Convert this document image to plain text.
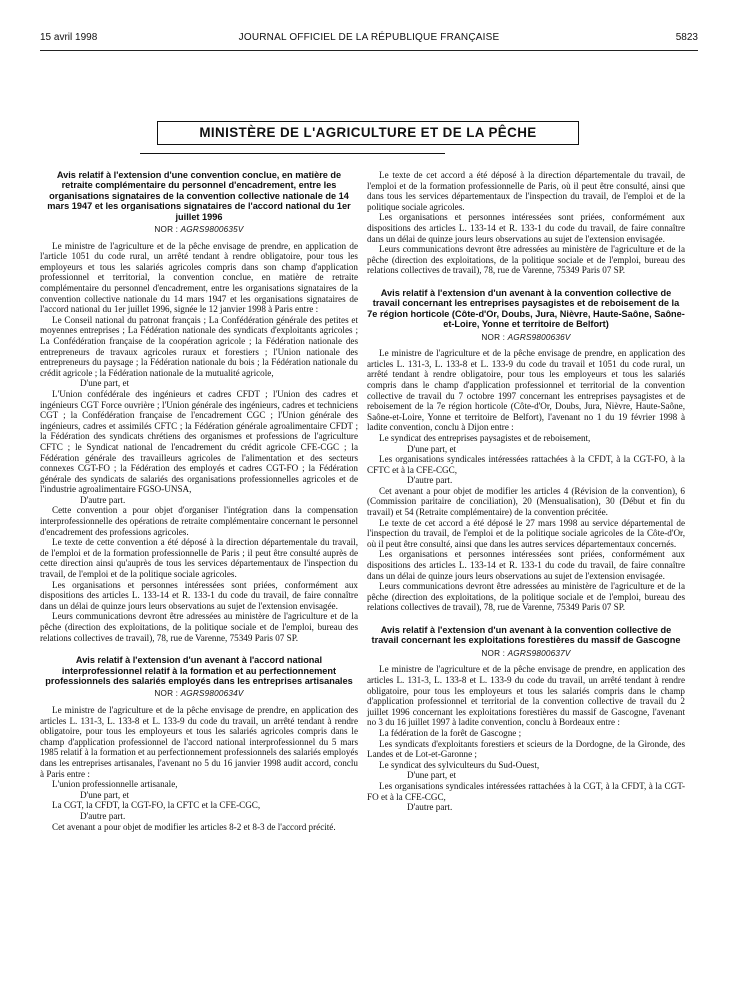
15 avril 1998	JOURNAL OFFICIEL DE LA RÉPUBLIQUE FRANÇAISE	5823
MINISTÈRE DE L'AGRICULTURE ET DE LA PÊCHE
Avis relatif à l'extension d'une convention conclue, en matière de retraite complémentaire du personnel d'encadrement, entre les organisations signataires de la convention collective nationale de 14 mars 1947 et les organisations signataires de l'accord national du 1er juillet 1996
NOR : AGRS9800635V

Le ministre de l'agriculture et de la pêche envisage de prendre, en application de l'article 1051 du code rural, un arrêté tendant à rendre obligatoire, pour tous les employeurs et tous les salariés agricoles compris dans son champ d'application professionnel et territorial, la convention conclue, en matière de retraite complémentaire du personnel d'encadrement, entre les organisations signataires de la convention collective nationale du 14 mars 1947 et les organisations signataires de l'accord national du 1er juillet 1996, signée le 12 janvier 1998 à Paris entre :

Le Conseil national du patronat français ; La Confédération générale des petites et moyennes entreprises ; La Fédération nationale des syndicats d'exploitants agricoles ; La Confédération française de la coopération agricole ; la Fédération nationale des entrepreneurs de travaux agricoles ruraux et forestiers ; l'Union nationale des entrepreneurs du paysage ; la Fédération nationale du bois ; la Fédération nationale du crédit agricole ; la Fédération nationale de la mutualité agricole,

D'une part, et

L'Union confédérale des ingénieurs et cadres CFDT ; l'Union des cadres et ingénieurs CGT Force ouvrière ; l'Union générale des ingénieurs, cadres et techniciens CGT ; la Confédération française de l'encadrement CGC ; l'Union générale des ingénieurs, cadres et assimilés CFTC ; la Fédération générale agroalimentaire CFDT ; la Fédération des syndicats chrétiens des organismes et professions de l'agriculture CFTC ; le Syndicat national de l'encadrement du crédit agricole CFE-CGC ; la Fédération générale des travailleurs agricoles de l'alimentation et des secteurs connexes CGT-FO ; la Fédération des employés et cadres CGT-FO ; la Fédération générale des syndicats de salariés des organisations professionnelles agricoles et de l'industrie agroalimentaire FGSO-UNSA,

D'autre part.

Cette convention a pour objet d'organiser l'intégration dans la compensation interprofessionnelle des opérations de retraite complémentaire concernant le personnel d'encadrement des professions agricoles.

Le texte de cette convention a été déposé à la direction départementale du travail, de l'emploi et de la formation professionnelle de Paris ; il peut être consulté auprès de cette direction ainsi qu'auprès de tous les services départementaux de l'inspection du travail, de l'emploi et de la politique sociale agricoles.

Les organisations et personnes intéressées sont priées, conformément aux dispositions des articles L. 133-14 et R. 133-1 du code du travail, de faire connaître dans un délai de quinze jours leurs observations au sujet de l'extension envisagée.

Leurs communications devront être adressées au ministère de l'agriculture et de la pêche (direction des exploitations, de la politique sociale et de l'emploi, bureau des relations collectives de travail), 78, rue de Varenne, 75349 Paris 07 SP.

Avis relatif à l'extension d'un avenant à l'accord national interprofessionnel relatif à la formation et au perfectionnement professionnels des salariés employés dans les entreprises artisanales
NOR : AGRS9800634V

Le ministre de l'agriculture et de la pêche envisage de prendre, en application des articles L. 131-3, L. 133-8 et L. 133-9 du code du travail, un arrêté tendant à rendre obligatoire, pour tous les employeurs et tous les salariés agricoles compris dans le champ d'application professionnel de l'accord national interprofessionnel du 5 mars 1985 relatif à la formation et au perfectionnement professionnels des salariés employés dans les entreprises artisanales, l'avenant no 5 du 16 janvier 1998 audit accord, conclu à Paris entre :

L'union professionnelle artisanale,

D'une part, et

La CGT, la CFDT, la CGT-FO, la CFTC et la CFE-CGC,

D'autre part.

Cet avenant a pour objet de modifier les articles 8-2 et 8-3 de l'accord précité.

Le texte de cet accord a été déposé à la direction départementale du travail, de l'emploi et de la formation professionnelle de Paris, où il peut être consulté, ainsi que dans tous les services départementaux de l'inspection du travail, de l'emploi et de la politique sociale agricoles.

Les organisations et personnes intéressées sont priées, conformément aux dispositions des articles L. 133-14 et R. 133-1 du code du travail, de faire connaître dans un délai de quinze jours leurs observations au sujet de l'extension envisagée.

Leurs communications devront être adressées au ministère de l'agriculture et de la pêche (direction des exploitations, de la politique sociale et de l'emploi, bureau des relations collectives de travail), 78, rue de Varenne, 75349 Paris 07 SP.

Avis relatif à l'extension d'un avenant à la convention collective de travail concernant les entreprises paysagistes et de reboisement de la 7e région horticole (Côte-d'Or, Doubs, Jura, Nièvre, Haute-Saône, Saône-et-Loire, Yonne et territoire de Belfort)
NOR : AGRS9800636V

Le ministre de l'agriculture et de la pêche envisage de prendre, en application des articles L. 131-3, L. 133-8 et L. 133-9 du code du travail et 1051 du code rural, un arrêté tendant à rendre obligatoire, pour tous les employeurs et tous les salariés compris dans le champ d'application professionnel et territorial de la convention collective de travail du 7 octobre 1997 concernant les entreprises paysagistes et de reboisement de la 7e région horticole (Côte-d'Or, Doubs, Jura, Nièvre, Haute-Saône, Saône-et-Loire, Yonne et territoire de Belfort), l'avenant no 1 du 19 février 1998 à ladite convention, conclu à Dijon entre :

Le syndicat des entreprises paysagistes et de reboisement,

D'une part, et

Les organisations syndicales intéressées rattachées à la CFDT, à la CGT-FO, à la CFTC et à la CFE-CGC,

D'autre part.

Cet avenant a pour objet de modifier les articles 4 (Révision de la convention), 6 (Commission paritaire de conciliation), 20 (Mensualisation), 30 (Début et fin du travail) et 54 (Retraite complémentaire) de la convention précitée.

Le texte de cet accord a été déposé le 27 mars 1998 au service départemental de l'inspection du travail, de l'emploi et de la politique sociale agricoles de la Côte-d'Or, où il peut être consulté, ainsi que dans les autres services départementaux concernés.

Les organisations et personnes intéressées sont priées, conformément aux dispositions des articles L. 133-14 et R. 133-1 du code du travail, de faire connaître dans un délai de quinze jours leurs observations au sujet de l'extension envisagée.

Leurs communications devront être adressées au ministère de l'agriculture et de la pêche (direction des exploitations, de la politique sociale et de l'emploi, bureau des relations collectives de travail), 78, rue de Varenne, 75349 Paris 07 SP.

Avis relatif à l'extension d'un avenant à la convention collective de travail concernant les exploitations forestières du massif de Gascogne
NOR : AGRS9800637V

Le ministre de l'agriculture et de la pêche envisage de prendre, en application des articles L. 131-3, L. 133-8 et L. 133-9 du code du travail, un arrêté tendant à rendre obligatoire, pour tous les employeurs et tous les salariés compris dans le champ d'application professionnel et territorial de la convention collective de travail du 2 juillet 1996 concernant les exploitations forestières du massif de Gascogne, l'avenant no 3 du 16 juillet 1997 à ladite convention, conclu à Bordeaux entre :

La fédération de la forêt de Gascogne ;

Les syndicats d'exploitants forestiers et scieurs de la Dordogne, de la Gironde, des Landes et de Lot-et-Garonne ;

Le syndicat des sylviculteurs du Sud-Ouest,

D'une part, et

Les organisations syndicales intéressées rattachées à la CGT, à la CFDT, à la CGT-FO et à la CFE-CGC,

D'autre part.
